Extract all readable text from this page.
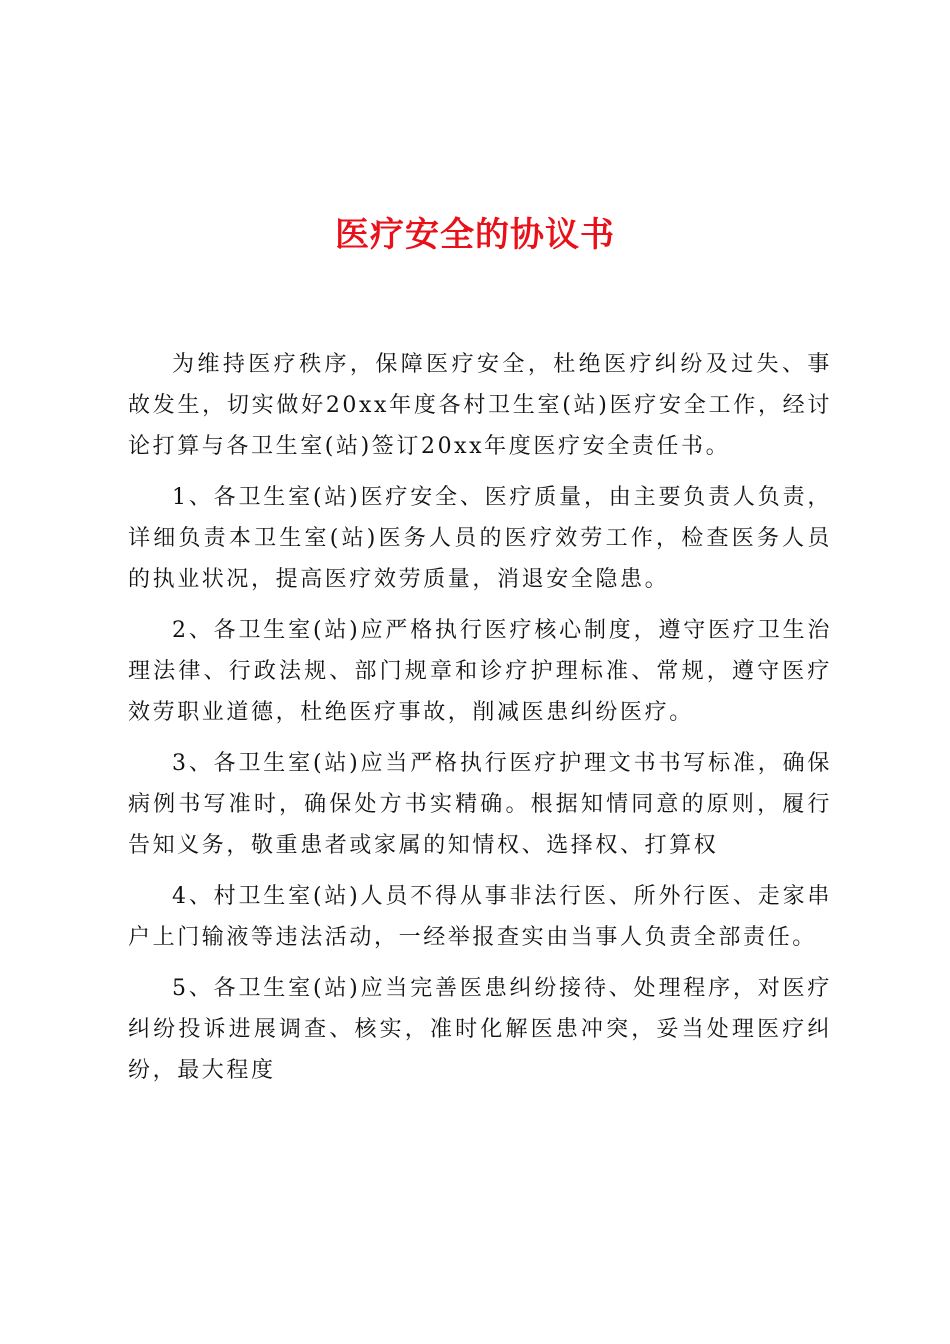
医疗安全的协议书

为维持医疗秩序，保障医疗安全，杜绝医疗纠纷及过失、事故发生，切实做好20xx年度各村卫生室(站)医疗安全工作，经讨论打算与各卫生室(站)签订20xx年度医疗安全责任书。

1、各卫生室(站)医疗安全、医疗质量，由主要负责人负责，详细负责本卫生室(站)医务人员的医疗效劳工作，检查医务人员的执业状况，提高医疗效劳质量，消退安全隐患。

2、各卫生室(站)应严格执行医疗核心制度，遵守医疗卫生治理法律、行政法规、部门规章和诊疗护理标准、常规，遵守医疗效劳职业道德，杜绝医疗事故，削减医患纠纷医疗。

3、各卫生室(站)应当严格执行医疗护理文书书写标准，确保病例书写准时，确保处方书实精确。根据知情同意的原则，履行告知义务，敬重患者或家属的知情权、选择权、打算权

4、村卫生室(站)人员不得从事非法行医、所外行医、走家串户上门输液等违法活动，一经举报查实由当事人负责全部责任。

5、各卫生室(站)应当完善医患纠纷接待、处理程序，对医疗纠纷投诉进展调查、核实，准时化解医患冲突，妥当处理医疗纠纷，最大程度
